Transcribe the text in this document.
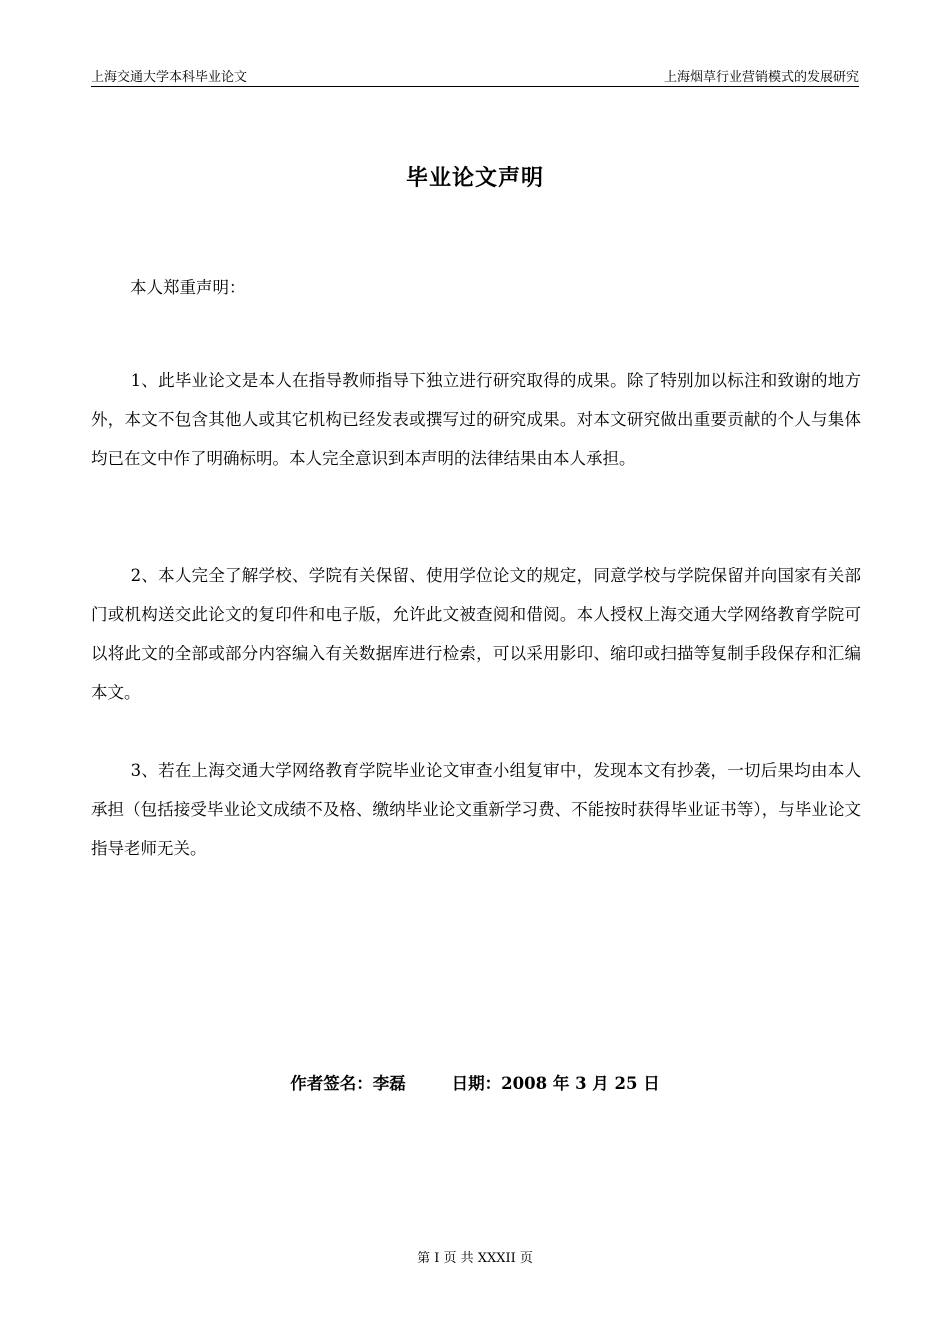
上海交通大学本科毕业论文	上海烟草行业营销模式的发展研究
毕业论文声明
本人郑重声明：

1、此毕业论文是本人在指导教师指导下独立进行研究取得的成果。除了特别加以标注和致谢的地方外，本文不包含其他人或其它机构已经发表或撰写过的研究成果。对本文研究做出重要贡献的个人与集体均已在文中作了明确标明。本人完全意识到本声明的法律结果由本人承担。

2、本人完全了解学校、学院有关保留、使用学位论文的规定，同意学校与学院保留并向国家有关部门或机构送交此论文的复印件和电子版，允许此文被查阅和借阅。本人授权上海交通大学网络教育学院可以将此文的全部或部分内容编入有关数据库进行检索，可以采用影印、缩印或扫描等复制手段保存和汇编本文。

3、若在上海交通大学网络教育学院毕业论文审查小组复审中，发现本文有抄袭，一切后果均由本人承担（包括接受毕业论文成绩不及格、缴纳毕业论文重新学习费、不能按时获得毕业证书等），与毕业论文指导老师无关。

作者签名：李磊        日期：2008 年 3 月 25 日
第 I 页 共 XXXII 页
